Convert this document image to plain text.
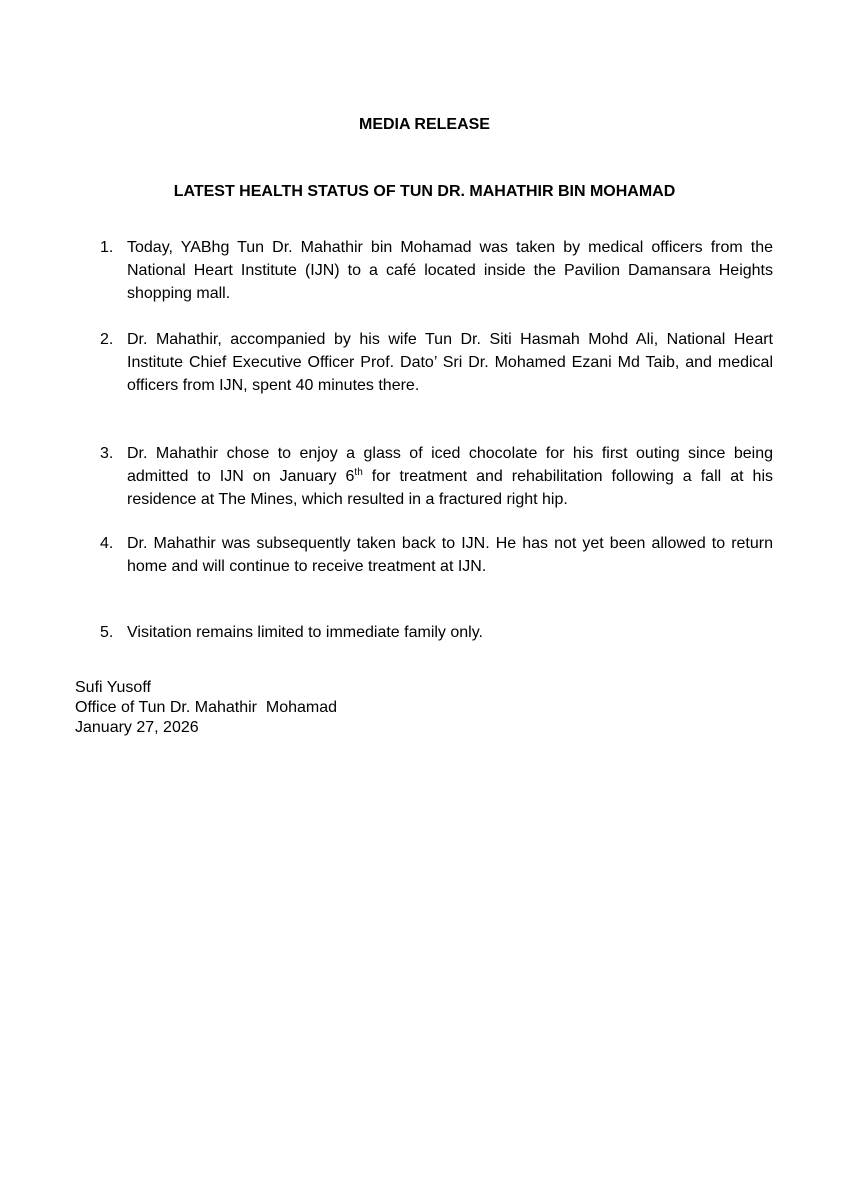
MEDIA RELEASE
LATEST HEALTH STATUS OF TUN DR. MAHATHIR BIN MOHAMAD
1. Today, YABhg Tun Dr. Mahathir bin Mohamad was taken by medical officers from the National Heart Institute (IJN) to a café located inside the Pavilion Damansara Heights shopping mall.
2. Dr. Mahathir, accompanied by his wife Tun Dr. Siti Hasmah Mohd Ali, National Heart Institute Chief Executive Officer Prof. Dato’ Sri Dr. Mohamed Ezani Md Taib, and medical officers from IJN, spent 40 minutes there.
3. Dr. Mahathir chose to enjoy a glass of iced chocolate for his first outing since being admitted to IJN on January 6th for treatment and rehabilitation following a fall at his residence at The Mines, which resulted in a fractured right hip.
4. Dr. Mahathir was subsequently taken back to IJN. He has not yet been allowed to return home and will continue to receive treatment at IJN.
5. Visitation remains limited to immediate family only.

Sufi Yusoff

Office of Tun Dr. Mahathir  Mohamad

January 27, 2026
